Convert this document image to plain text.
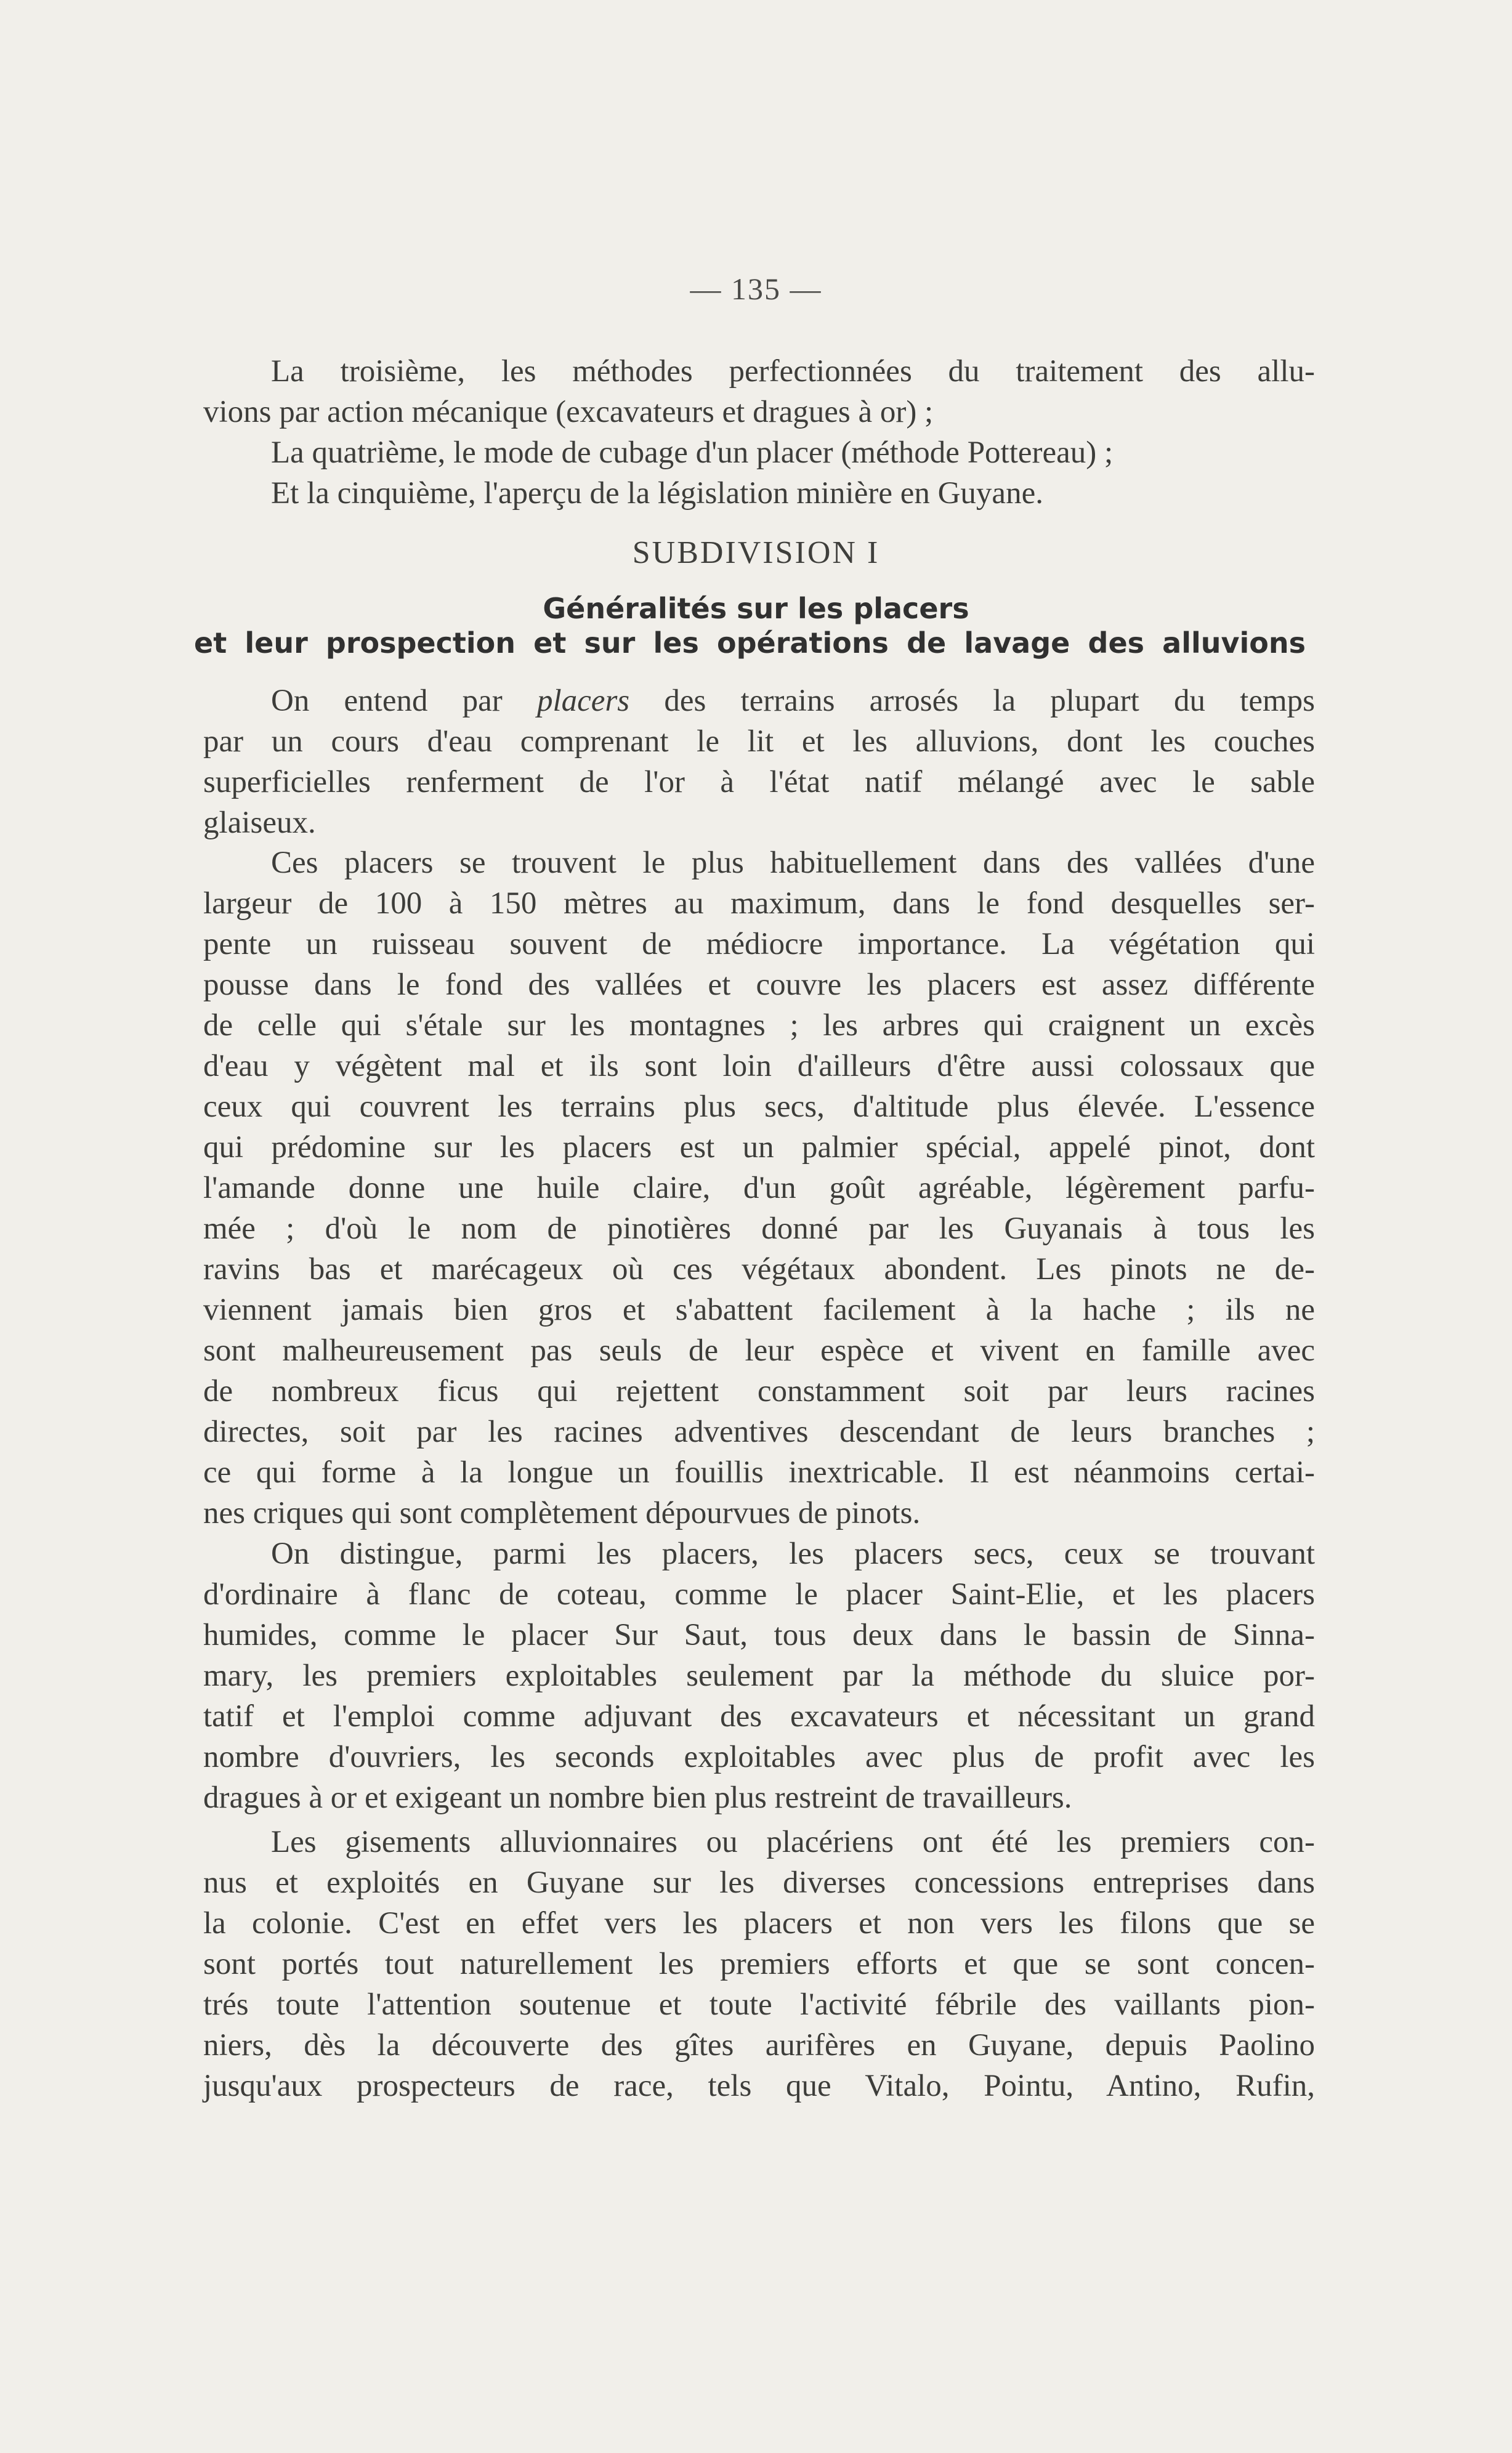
— 135 —
La troisième, les méthodes perfectionnées du traitement des allu-
vions par action mécanique (excavateurs et dragues à or) ;
La quatrième, le mode de cubage d'un placer (méthode Pottereau) ;
Et la cinquième, l'aperçu de la législation minière en Guyane.
SUBDIVISION I
Généralités sur les placers
et leur prospection et sur les opérations de lavage des alluvions
On entend par placers des terrains arrosés la plupart du temps
par un cours d'eau comprenant le lit et les alluvions, dont les couches
superficielles renferment de l'or à l'état natif mélangé avec le sable
glaiseux.
Ces placers se trouvent le plus habituellement dans des vallées d'une
largeur de 100 à 150 mètres au maximum, dans le fond desquelles ser-
pente un ruisseau souvent de médiocre importance. La végétation qui
pousse dans le fond des vallées et couvre les placers est assez différente
de celle qui s'étale sur les montagnes ; les arbres qui craignent un excès
d'eau y végètent mal et ils sont loin d'ailleurs d'être aussi colossaux que
ceux qui couvrent les terrains plus secs, d'altitude plus élevée. L'essence
qui prédomine sur les placers est un palmier spécial, appelé pinot, dont
l'amande donne une huile claire, d'un goût agréable, légèrement parfu-
mée ; d'où le nom de pinotières donné par les Guyanais à tous les
ravins bas et marécageux où ces végétaux abondent. Les pinots ne de-
viennent jamais bien gros et s'abattent facilement à la hache ; ils ne
sont malheureusement pas seuls de leur espèce et vivent en famille avec
de nombreux ficus qui rejettent constamment soit par leurs racines
directes, soit par les racines adventives descendant de leurs branches ;
ce qui forme à la longue un fouillis inextricable. Il est néanmoins certai-
nes criques qui sont complètement dépourvues de pinots.
On distingue, parmi les placers, les placers secs, ceux se trouvant
d'ordinaire à flanc de coteau, comme le placer Saint-Elie, et les placers
humides, comme le placer Sur Saut, tous deux dans le bassin de Sinna-
mary, les premiers exploitables seulement par la méthode du sluice por-
tatif et l'emploi comme adjuvant des excavateurs et nécessitant un grand
nombre d'ouvriers, les seconds exploitables avec plus de profit avec les
dragues à or et exigeant un nombre bien plus restreint de travailleurs.
Les gisements alluvionnaires ou placériens ont été les premiers con-
nus et exploités en Guyane sur les diverses concessions entreprises dans
la colonie. C'est en effet vers les placers et non vers les filons que se
sont portés tout naturellement les premiers efforts et que se sont concen-
trés toute l'attention soutenue et toute l'activité fébrile des vaillants pion-
niers, dès la découverte des gîtes aurifères en Guyane, depuis Paolino
jusqu'aux prospecteurs de race, tels que Vitalo, Pointu, Antino, Rufin,
